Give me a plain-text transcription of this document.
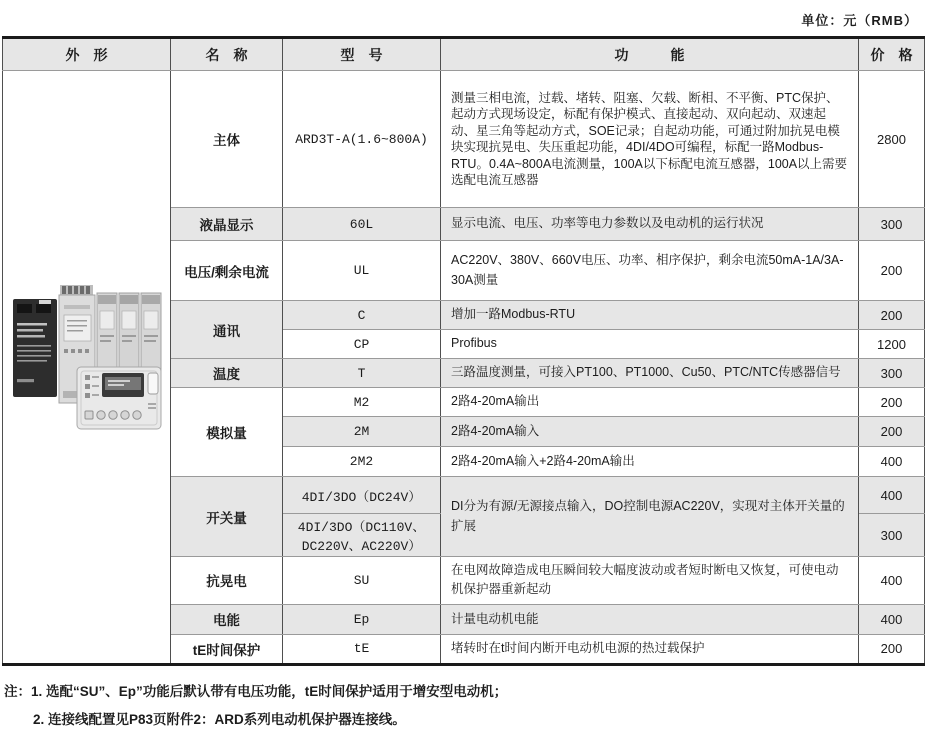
单位：元（RMB）
外　形	名　称	型　号	功　　　能	价　格
	主体	ARD3T-A(1.6~800A)	测量三相电流，过载、堵转、阻塞、欠载、断相、不平衡、PTC保护、起动方式现场设定，标配有保护模式、直接起动、双向起动、双速起动、星三角等起动方式，SOE记录；自起动功能，可通过附加抗晃电模块实现抗晃电、失压重起功能，4DI/4DO可编程，标配一路Modbus-RTU。0.4A~800A电流测量，100A以下标配电流互感器，100A以上需要选配电流互感器	2800
	液晶显示	60L	显示电流、电压、功率等电力参数以及电动机的运行状况	300
	电压/剩余电流	UL	AC220V、380V、660V电压、功率、相序保护，剩余电流50mA-1A/3A-30A测量	200
	通讯	C	增加一路Modbus-RTU	200
		CP	Profibus	1200
	温度	T	三路温度测量，可接入PT100、PT1000、Cu50、PTC/NTC传感器信号	300
	模拟量	M2	2路4-20mA输出	200
		2M	2路4-20mA输入	200
		2M2	2路4-20mA输入+2路4-20mA输出	400
	开关量	4DI/3DO（DC24V）	DI分为有源/无源接点输入，DO控制电源AC220V，实现对主体开关量的扩展	400
		4DI/3DO（DC110V、DC220V、AC220V）		300
	抗晃电	SU	在电网故障造成电压瞬间较大幅度波动或者短时断电又恢复，可使电动机保护器重新起动	400
	电能	Ep	计量电动机电能	400
	tE时间保护	tE	堵转时在t时间内断开电动机电源的热过载保护	200
注：1. 选配“SU”、Ep”功能后默认带有电压功能，tE时间保护适用于增安型电动机；
2. 连接线配置见P83页附件2：ARD系列电动机保护器连接线。
